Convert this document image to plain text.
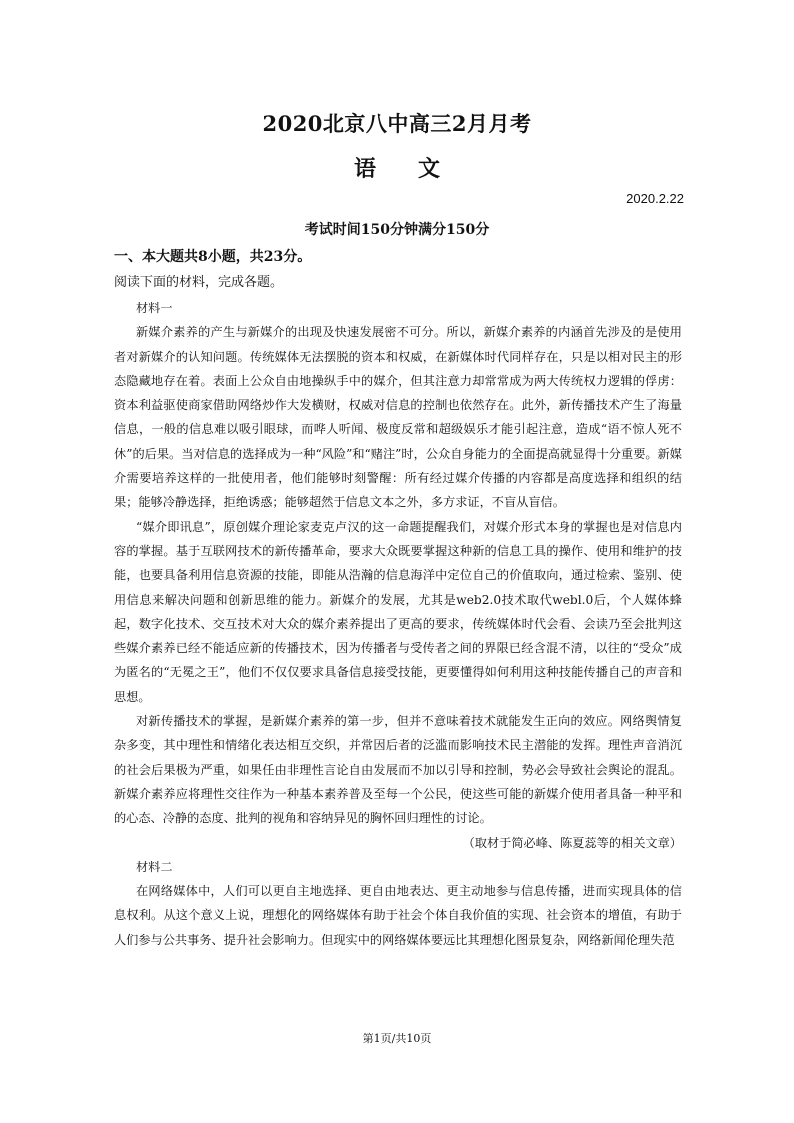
2020北京八中高三2月月考
语 文
2020.2.22
考试时间150分钟满分150分
一、本大题共8小题，共23分。
阅读下面的材料，完成各题。
材料一

新媒介素养的产生与新媒介的出现及快速发展密不可分。所以，新媒介素养的内涵首先涉及的是使用者对新媒介的认知问题。传统媒体无法摆脱的资本和权威，在新媒体时代同样存在，只是以相对民主的形态隐藏地存在着。表面上公众自由地操纵手中的媒介，但其注意力却常常成为两大传统权力逻辑的俘虏：资本利益驱使商家借助网络炒作大发横财，权威对信息的控制也依然存在。此外，新传播技术产生了海量信息，一般的信息难以吸引眼球，而哗人听闻、极度反常和超级娱乐才能引起注意，造成“语不惊人死不休”的后果。当对信息的选择成为一种“风险”和“赌注”时，公众自身能力的全面提高就显得十分重要。新媒介需要培养这样的一批使用者，他们能够时刻警醒：所有经过媒介传播的内容都是高度选择和组织的结果；能够冷静选择，拒绝诱惑；能够超然于信息文本之外，多方求证，不盲从盲信。

“媒介即讯息”，原创媒介理论家麦克卢汉的这一命题提醒我们，对媒介形式本身的掌握也是对信息内容的掌握。基于互联网技术的新传播革命，要求大众既要掌握这种新的信息工具的操作、使用和维护的技能，也要具备利用信息资源的技能，即能从浩瀚的信息海洋中定位自己的价值取向，通过检索、鉴别、使用信息来解决问题和创新思维的能力。新媒介的发展，尤其是web2.0技术取代webl.0后，个人媒体蜂起，数字化技术、交互技术对大众的媒介素养提出了更高的要求，传统媒体时代会看、会读乃至会批判这些媒介素养已经不能适应新的传播技术，因为传播者与受传者之间的界限已经含混不清，以往的“受众”成为匿名的“无冕之王”，他们不仅仅要求具备信息接受技能，更要懂得如何利用这种技能传播自己的声音和思想。

对新传播技术的掌握，是新媒介素养的第一步，但并不意味着技术就能发生正向的效应。网络舆情复杂多变，其中理性和情绪化表达相互交织，并常因后者的泛滥而影响技术民主潜能的发挥。理性声音消沉的社会后果极为严重，如果任由非理性言论自由发展而不加以引导和控制，势必会导致社会舆论的混乱。新媒介素养应将理性交往作为一种基本素养普及至每一个公民，使这些可能的新媒介使用者具备一种平和的心态、冷静的态度、批判的视角和容纳异见的胸怀回归理性的讨论。

（取材于简必峰、陈夏蕊等的相关文章）

材料二

在网络媒体中，人们可以更自主地选择、更自由地表达、更主动地参与信息传播，进而实现具体的信息权利。从这个意义上说，理想化的网络媒体有助于社会个体自我价值的实现、社会资本的增值，有助于人们参与公共事务、提升社会影响力。但现实中的网络媒体要远比其理想化图景复杂，网络新闻伦理失范

第1页/共10页
